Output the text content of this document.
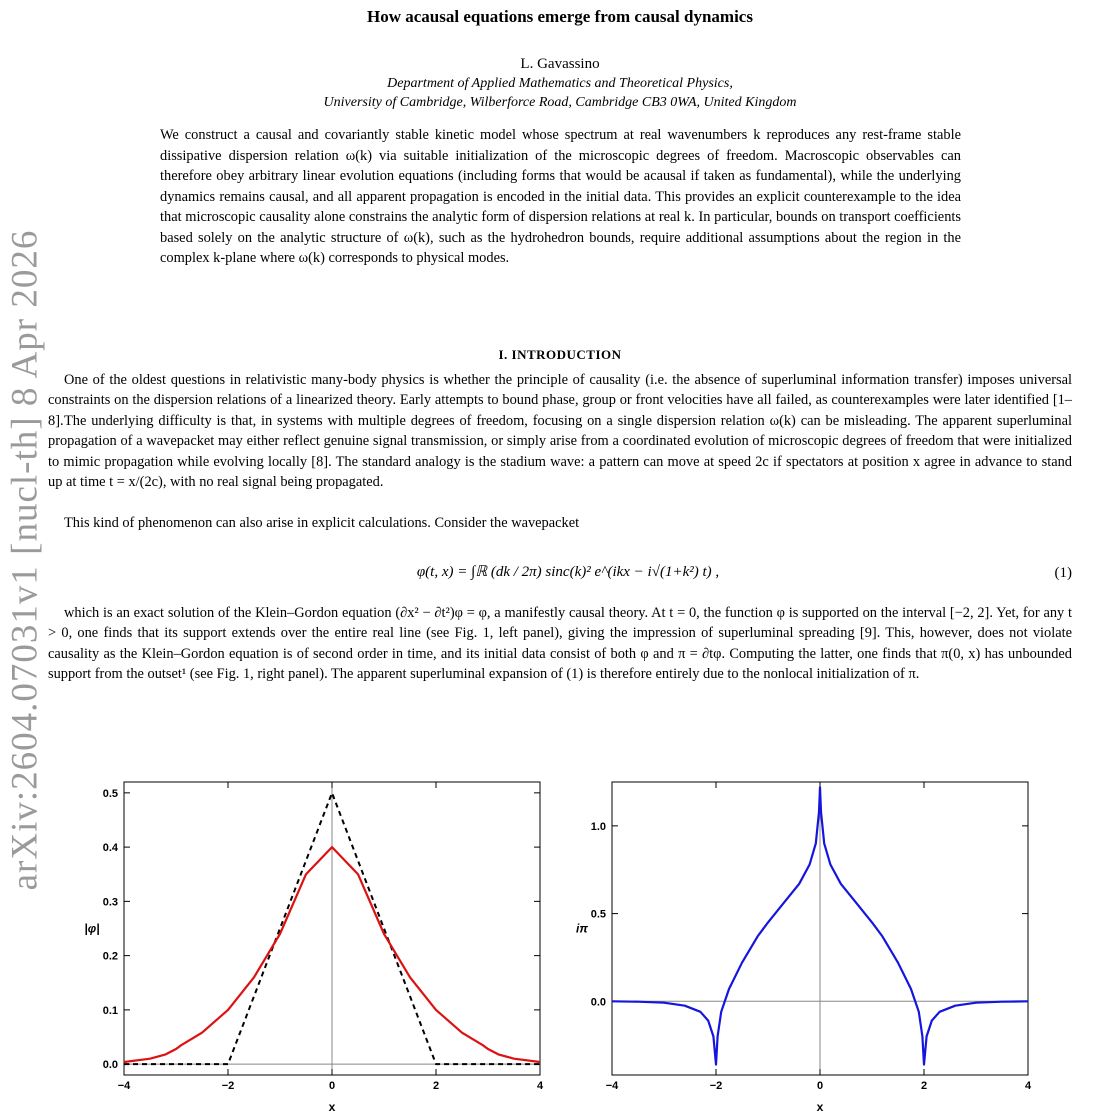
arXiv:2604.07031v1 [nucl-th] 8 Apr 2026
How acausal equations emerge from causal dynamics
L. Gavassino
Department of Applied Mathematics and Theoretical Physics,
University of Cambridge, Wilberforce Road, Cambridge CB3 0WA, United Kingdom

We construct a causal and covariantly stable kinetic model whose spectrum at real wavenumbers k reproduces any rest-frame stable dissipative dispersion relation ω(k) via suitable initialization of the microscopic degrees of freedom. Macroscopic observables can therefore obey arbitrary linear evolution equations (including forms that would be acausal if taken as fundamental), while the underlying dynamics remains causal, and all apparent propagation is encoded in the initial data. This provides an explicit counterexample to the idea that microscopic causality alone constrains the analytic form of dispersion relations at real k. In particular, bounds on transport coefficients based solely on the analytic structure of ω(k), such as the hydrohedron bounds, require additional assumptions about the region in the complex k-plane where ω(k) corresponds to physical modes.

I. INTRODUCTION

One of the oldest questions in relativistic many-body physics is whether the principle of causality (i.e. the absence of superluminal information transfer) imposes universal constraints on the dispersion relations of a linearized theory. Early attempts to bound phase, group or front velocities have all failed, as counterexamples were later identified [1–8]. The underlying difficulty is that, in systems with multiple degrees of freedom, focusing on a single dispersion relation ω(k) can be misleading. The apparent superluminal propagation of a wavepacket may either reflect genuine signal transmission, or simply arise from a coordinated evolution of microscopic degrees of freedom that were initialized to mimic propagation while evolving locally [8]. The standard analogy is the stadium wave: a pattern can move at speed 2c if spectators at position x agree in advance to stand up at time t = x/(2c), with no real signal being propagated.

This kind of phenomenon can also arise in explicit calculations. Consider the wavepacket

φ(t, x) = ∫ℝ (dk / 2π) sinc(k)² e^(ikx − i√(1+k²) t) ,	(1)

which is an exact solution of the Klein–Gordon equation (∂x² − ∂t²)φ = φ, a manifestly causal theory. At t = 0, the function φ is supported on the interval [−2, 2]. Yet, for any t > 0, one finds that its support extends over the entire real line (see Fig. 1, left panel), giving the impression of superluminal spreading [9]. This, however, does not violate causality as the Klein–Gordon equation is of second order in time, and its initial data consist of both φ and π = ∂tφ. Computing the latter, one finds that π(0, x) has unbounded support from the outset¹ (see Fig. 1, right panel). The apparent superluminal expansion of (1) is therefore entirely due to the nonlocal initialization of π.

−4	−2	0	2	4
0.0
0.1
0.2
0.3
0.4
0.5
x
|φ|
−4	−2	0	2	4
0.0
0.5
1.0
x
iπ
